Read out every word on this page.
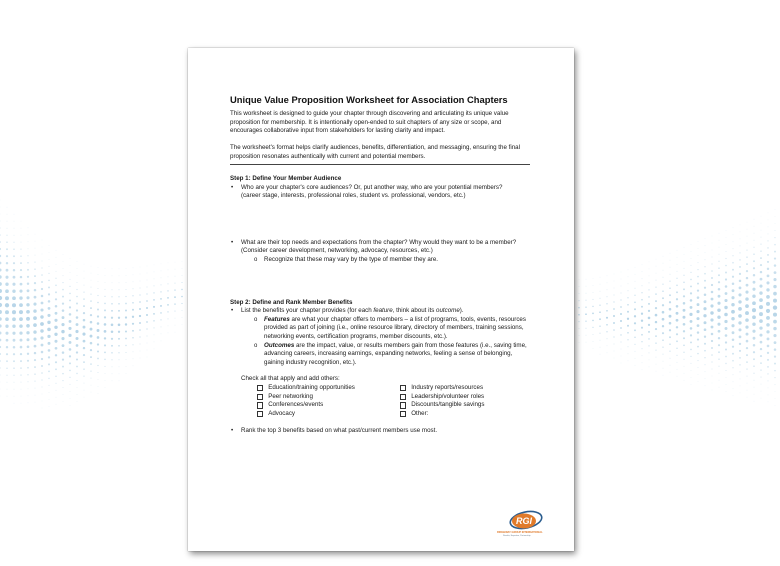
Unique Value Proposition Worksheet for Association Chapters

This worksheet is designed to guide your chapter through discovering and articulating its unique value proposition for membership. It is intentionally open-ended to suit chapters of any size or scope, and encourages collaborative input from stakeholders for lasting clarity and impact.

The worksheet's format helps clarify audiences, benefits, differentiation, and messaging, ensuring the final proposition resonates authentically with current and potential members.

Step 1: Define Your Member Audience

• Who are your chapter's core audiences? Or, put another way, who are your potential members?
(career stage, interests, professional roles, student vs. professional, vendors, etc.)
• What are their top needs and expectations from the chapter? Why would they want to be a member?
(Consider career development, networking, advocacy, resources, etc.)
o Recognize that these may vary by the type of member they are.

Step 2: Define and Rank Member Benefits

• List the benefits your chapter provides (for each feature, think about its outcome).
o Features are what your chapter offers to members – a list of programs, tools, events, resources provided as part of joining (i.e., online resource library, directory of members, training sessions, networking events, certification programs, member discounts, etc.).
o Outcomes are the impact, value, or results members gain from those features (i.e., saving time, advancing careers, increasing earnings, expanding networks, feeling a sense of belonging, gaining industry recognition, etc.).

Check all that apply and add others:

Education/training opportunities	Industry reports/resources
Peer networking	Leadership/volunteer roles
Conferences/events	Discounts/tangible savings
Advocacy	Other:
• Rank the top 3 benefits based on what past/current members use most.
RGI
RIDGEWAY GROUP INTERNATIONAL
Results, Expertise, Partnership
